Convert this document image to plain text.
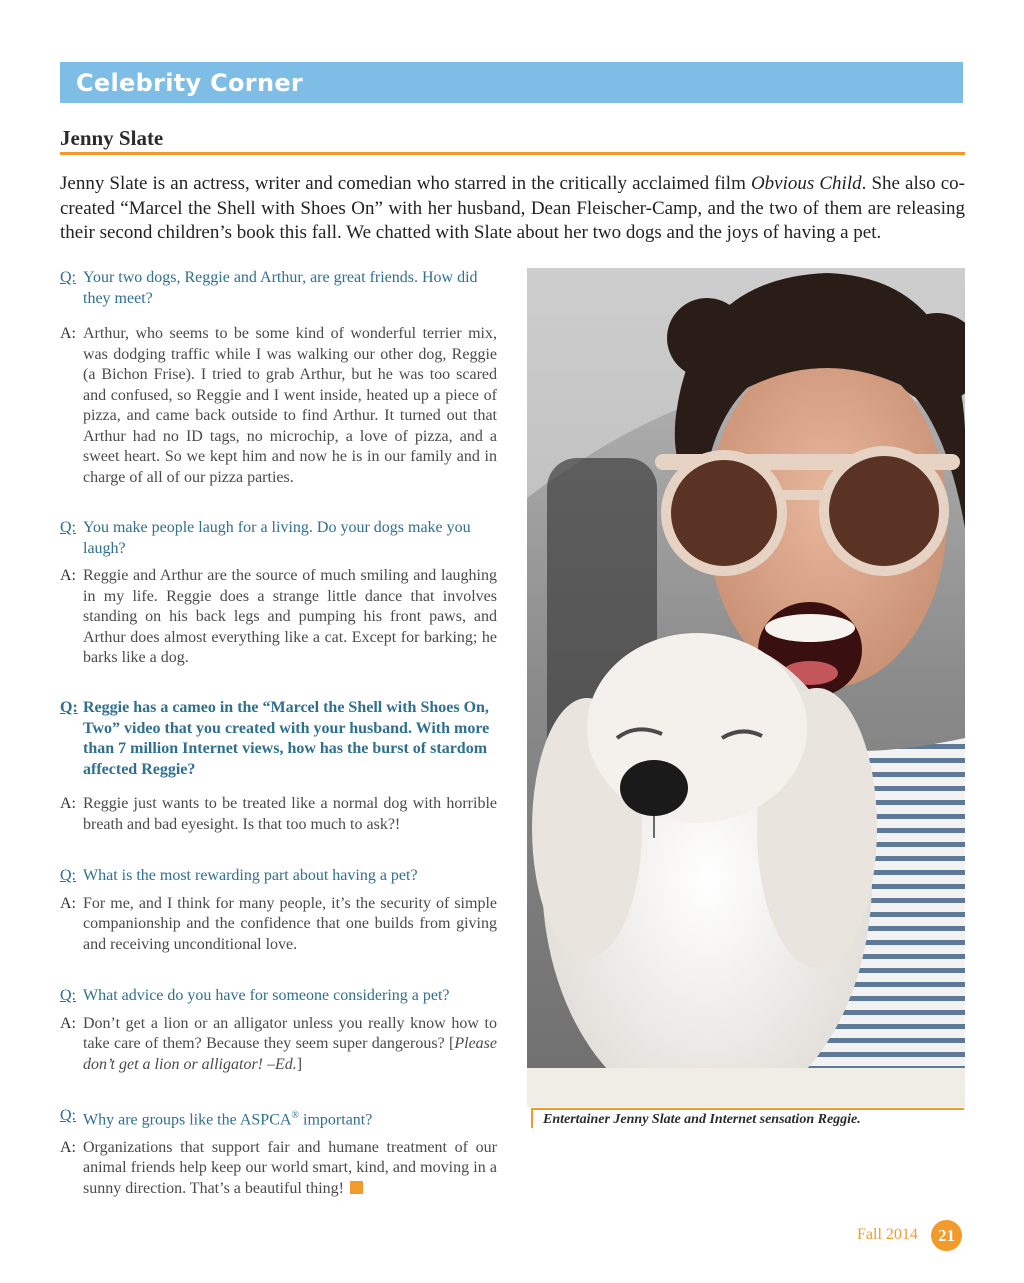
Celebrity Corner
Jenny Slate

Jenny Slate is an actress, writer and comedian who starred in the critically acclaimed film Obvious Child. She also co-created “Marcel the Shell with Shoes On” with her husband, Dean Fleischer-Camp, and the two of them are releasing their second children’s book this fall. We chatted with Slate about her two dogs and the joys of having a pet.

Q: Your two dogs, Reggie and Arthur, are great friends. How did they meet?
A: Arthur, who seems to be some kind of wonderful terrier mix, was dodging traffic while I was walking our other dog, Reggie (a Bichon Frise). I tried to grab Arthur, but he was too scared and confused, so Reggie and I went inside, heated up a piece of pizza, and came back outside to find Arthur. It turned out that Arthur had no ID tags, no microchip, a love of pizza, and a sweet heart. So we kept him and now he is in our family and in charge of all of our pizza parties.
Q: You make people laugh for a living. Do your dogs make you laugh?
A: Reggie and Arthur are the source of much smiling and laughing in my life. Reggie does a strange little dance that involves standing on his back legs and pumping his front paws, and Arthur does almost everything like a cat. Except for barking; he barks like a dog.
Q: Reggie has a cameo in the “Marcel the Shell with Shoes On, Two” video that you created with your husband. With more than 7 million Internet views, how has the burst of stardom affected Reggie?
A: Reggie just wants to be treated like a normal dog with horrible breath and bad eyesight. Is that too much to ask?!
Q: What is the most rewarding part about having a pet?
A: For me, and I think for many people, it’s the security of simple companionship and the confidence that one builds from giving and receiving unconditional love.
Q: What advice do you have for someone considering a pet?
A: Don’t get a lion or an alligator unless you really know how to take care of them? Because they seem super dangerous? [Please don’t get a lion or alligator! –Ed.]
Q: Why are groups like the ASPCA® important?
A: Organizations that support fair and humane treatment of our animal friends help keep our world smart, kind, and moving in a sunny direction. That’s a beautiful thing!
Entertainer Jenny Slate and Internet sensation Reggie.
Fall 2014 21
